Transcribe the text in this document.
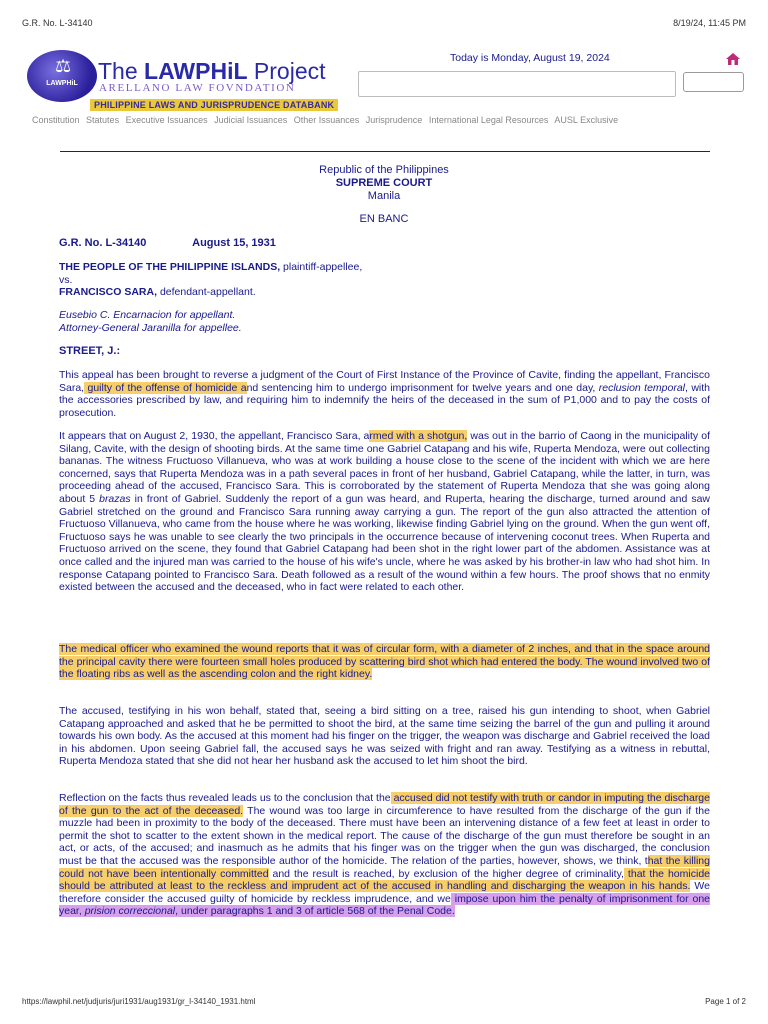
G.R. No. L-34140	8/19/24, 11:45 PM
⚖
LAWPHiL The LAWPHiL Project
ARELLANO LAW FOVNDATION
PHILIPPINE LAWS AND JURISPRUDENCE DATABANK
Today is Monday, August 19, 2024
Constitution Statutes Executive Issuances Judicial Issuances Other Issuances Jurisprudence International Legal Resources AUSL Exclusive
Republic of the Philippines
SUPREME COURT
Manila
EN BANC
G.R. No. L-34140	August 15, 1931
THE PEOPLE OF THE PHILIPPINE ISLANDS, plaintiff-appellee,
vs.
FRANCISCO SARA, defendant-appellant.
Eusebio C. Encarnacion for appellant.
Attorney-General Jaranilla for appellee.
STREET, J.:
This appeal has been brought to reverse a judgment of the Court of First Instance of the Province of Cavite, finding the appellant, Francisco Sara, guilty of the offense of homicide and sentencing him to undergo imprisonment for twelve years and one day, reclusion temporal, with the accessories prescribed by law, and requiring him to indemnify the heirs of the deceased in the sum of P1,000 and to pay the costs of prosecution.
It appears that on August 2, 1930, the appellant, Francisco Sara, armed with a shotgun, was out in the barrio of Caong in the municipality of Silang, Cavite, with the design of shooting birds. At the same time one Gabriel Catapang and his wife, Ruperta Mendoza, were out collecting bananas. The witness Fructuoso Villanueva, who was at work building a house close to the scene of the incident with which we are here concerned, says that Ruperta Mendoza was in a path several paces in front of her husband, Gabriel Catapang, while the latter, in turn, was proceeding ahead of the accused, Francisco Sara. This is corroborated by the statement of Ruperta Mendoza that she was going along about 5 brazas in front of Gabriel. Suddenly the report of a gun was heard, and Ruperta, hearing the discharge, turned around and saw Gabriel stretched on the ground and Francisco Sara running away carrying a gun. The report of the gun also attracted the attention of Fructuoso Villanueva, who came from the house where he was working, likewise finding Gabriel lying on the ground. When the gun went off, Fructuoso says he was unable to see clearly the two principals in the occurrence because of intervening coconut trees. When Ruperta and Fructuoso arrived on the scene, they found that Gabriel Catapang had been shot in the right lower part of the abdomen. Assistance was at once called and the injured man was carried to the house of his wife's uncle, where he was asked by his brother-in law who had shot him. In response Catapang pointed to Francisco Sara. Death followed as a result of the wound within a few hours. The proof shows that no enmity existed between the accused and the deceased, who in fact were related to each other.
The medical officer who examined the wound reports that it was of circular form, with a diameter of 2 inches, and that in the space around the principal cavity there were fourteen small holes produced by scattering bird shot which had entered the body. The wound involved two of the floating ribs as well as the ascending colon and the right kidney.
The accused, testifying in his won behalf, stated that, seeing a bird sitting on a tree, raised his gun intending to shoot, when Gabriel Catapang approached and asked that he be permitted to shoot the bird, at the same time seizing the barrel of the gun and pulling it around towards his own body. As the accused at this moment had his finger on the trigger, the weapon was discharge and Gabriel received the load in his abdomen. Upon seeing Gabriel fall, the accused says he was seized with fright and ran away. Testifying as a witness in rebuttal, Ruperta Mendoza stated that she did not hear her husband ask the accused to let him shoot the bird.
Reflection on the facts thus revealed leads us to the conclusion that the accused did not testify with truth or candor in imputing the discharge of the gun to the act of the deceased. The wound was too large in circumference to have resulted from the discharge of the gun if the muzzle had been in proximity to the body of the deceased. There must have been an intervening distance of a few feet at least in order to permit the shot to scatter to the extent shown in the medical report. The cause of the discharge of the gun must therefore be sought in an act, or acts, of the accused; and inasmuch as he admits that his finger was on the trigger when the gun was discharged, the conclusion must be that the accused was the responsible author of the homicide. The relation of the parties, however, shows, we think, that the killing could not have been intentionally committed and the result is reached, by exclusion of the higher degree of criminality, that the homicide should be attributed at least to the reckless and imprudent act of the accused in handling and discharging the weapon in his hands. We therefore consider the accused guilty of homicide by reckless imprudence, and we impose upon him the penalty of imprisonment for one year, prision correccional, under paragraphs 1 and 3 of article 568 of the Penal Code.
https://lawphil.net/judjuris/juri1931/aug1931/gr_l-34140_1931.html	Page 1 of 2
